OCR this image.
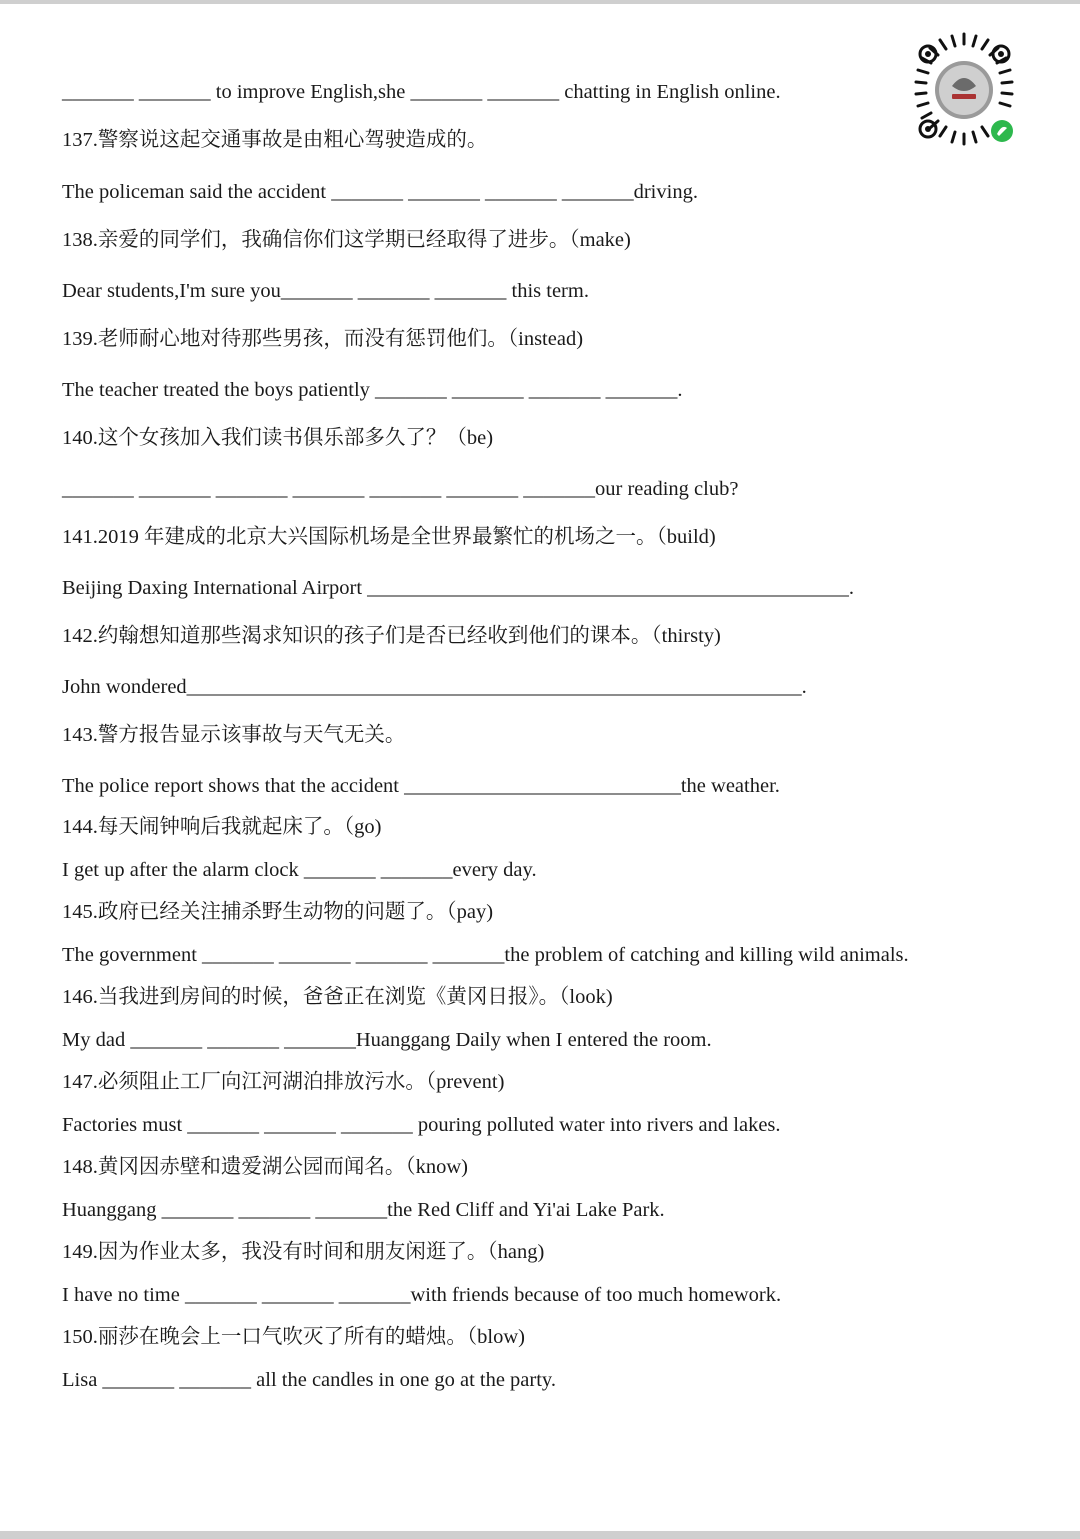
_______ _______ to improve English,she _______ _______ chatting in English online.
137.警察说这起交通事故是由粗心驾驶造成的。
The policeman said the accident _______ _______ _______ _______driving.
138.亲爱的同学们，我确信你们这学期已经取得了进步。（make)
Dear students,I'm sure you_______ _______ _______ this term.
139.老师耐心地对待那些男孩，而没有惩罚他们。（instead)
The teacher treated the boys patiently _______ _______ _______ _______.
140.这个女孩加入我们读书俱乐部多久了？（be)
_______ _______ _______ _______ _______ _______ _______our reading club?
141.2019 年建成的北京大兴国际机场是全世界最繁忙的机场之一。（build)
Beijing Daxing International Airport _______________________________________________.
142.约翰想知道那些渴求知识的孩子们是否已经收到他们的课本。（thirsty)
John wondered____________________________________________________________.
143.警方报告显示该事故与天气无关。
The police report shows that the accident ___________________________the weather.
144.每天闹钟响后我就起床了。（go)
I get up after the alarm clock _______ _______every day.
145.政府已经关注捕杀野生动物的问题了。（pay)
The government _______ _______ _______ _______the problem of catching and killing wild animals.
146.当我进到房间的时候，爸爸正在浏览《黄冈日报》。（look)
My dad _______ _______ _______Huanggang Daily when I entered the room.
147.必须阻止工厂向江河湖泊排放污水。（prevent)
Factories must _______ _______ _______ pouring polluted water into rivers and lakes.
148.黄冈因赤壁和遗爱湖公园而闻名。（know)
Huanggang _______ _______ _______the Red Cliff and Yi'ai Lake Park.
149.因为作业太多，我没有时间和朋友闲逛了。（hang)
I have no time _______ _______ _______with friends because of too much homework.
150.丽莎在晚会上一口气吹灭了所有的蜡烛。（blow)
Lisa _______ _______ all the candles in one go at the party.
